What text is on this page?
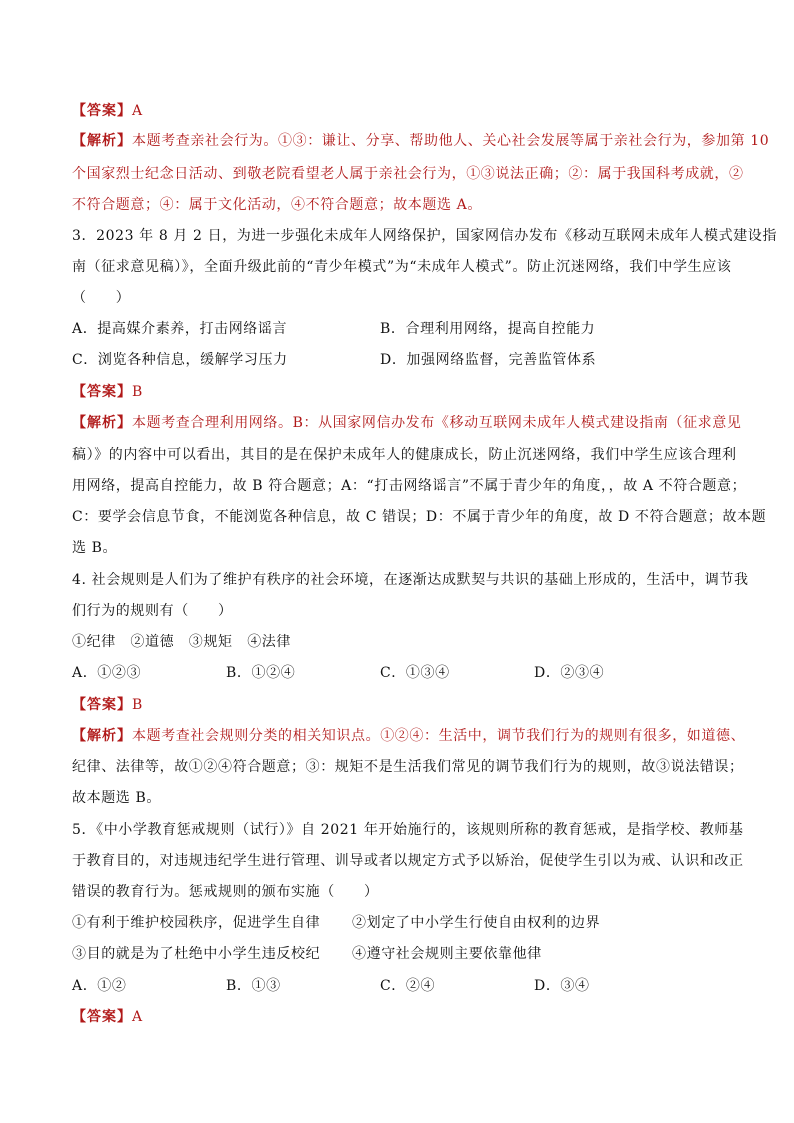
【答案】A
【解析】本题考查亲社会行为。①③：谦让、分享、帮助他人、关心社会发展等属于亲社会行为，参加第 10
个国家烈士纪念日活动、到敬老院看望老人属于亲社会行为，①③说法正确；②：属于我国科考成就，②
不符合题意；④：属于文化活动，④不符合题意；故本题选 A。
3．2023 年 8 月 2 日，为进一步强化未成年人网络保护，国家网信办发布《移动互联网未成年人模式建设指
南（征求意见稿）》，全面升级此前的“青少年模式”为“未成年人模式”。防止沉迷网络，我们中学生应该
（　　）
A．提高媒介素养，打击网络谣言	B．合理利用网络，提高自控能力
C．浏览各种信息，缓解学习压力	D．加强网络监督，完善监管体系
【答案】B
【解析】本题考查合理利用网络。B：从国家网信办发布《移动互联网未成年人模式建设指南（征求意见
稿）》的内容中可以看出，其目的是在保护未成年人的健康成长，防止沉迷网络，我们中学生应该合理利
用网络，提高自控能力，故 B 符合题意；A：“打击网络谣言”不属于青少年的角度，，故 A 不符合题意；
C：要学会信息节食，不能浏览各种信息，故 C 错误；D：不属于青少年的角度，故 D 不符合题意；故本题
选 B。
4. 社会规则是人们为了维护有秩序的社会环境，在逐渐达成默契与共识的基础上形成的，生活中，调节我
们行为的规则有（　　）
①纪律　②道德　③规矩　④法律
A．①②③	B．①②④	C．①③④	D．②③④
【答案】B
【解析】本题考查社会规则分类的相关知识点。①②④：生活中，调节我们行为的规则有很多，如道德、
纪律、法律等，故①②④符合题意；③：规矩不是生活我们常见的调节我们行为的规则，故③说法错误；
故本题选 B。
5．《中小学教育惩戒规则（试行）》自 2021 年开始施行的，该规则所称的教育惩戒，是指学校、教师基
于教育目的，对违规违纪学生进行管理、训导或者以规定方式予以矫治，促使学生引以为戒、认识和改正
错误的教育行为。惩戒规则的颁布实施（　　）
①有利于维护校园秩序，促进学生自律 ②划定了中小学生行使自由权利的边界
③目的就是为了杜绝中小学生违反校纪 ④遵守社会规则主要依靠他律
A．①②	B．①③	C．②④	D．③④
【答案】A
